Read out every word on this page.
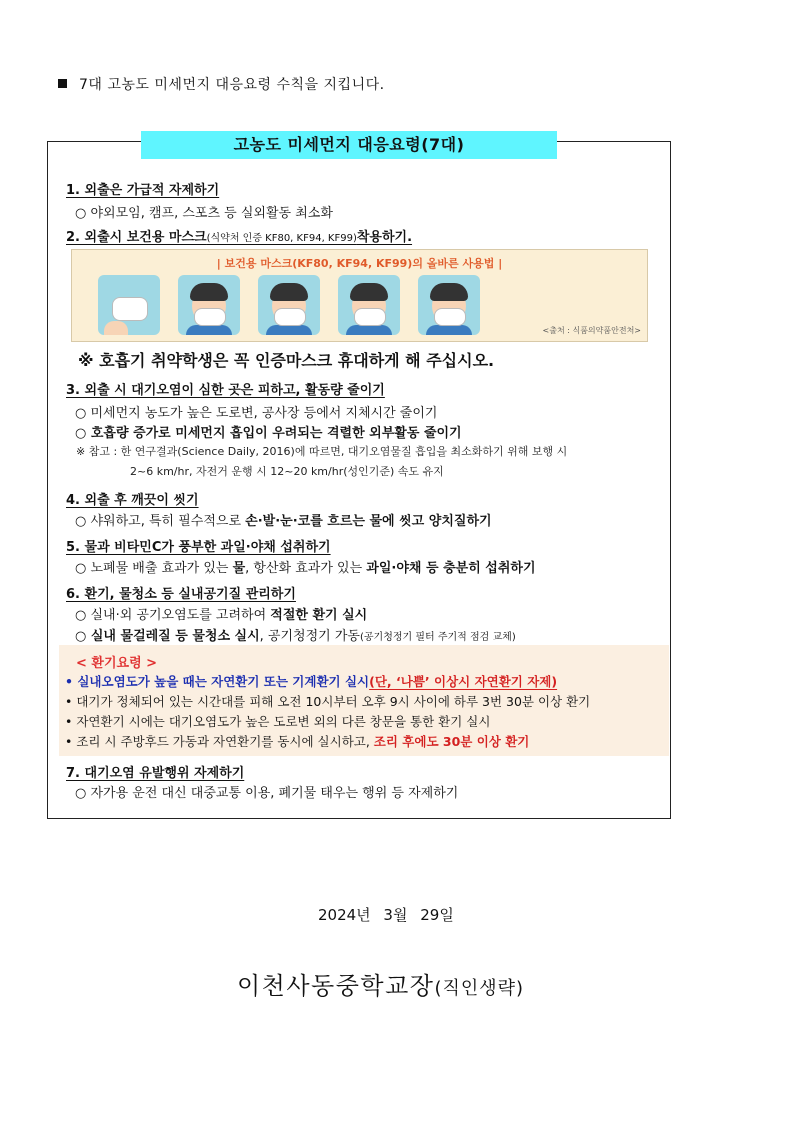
7대 고농도 미세먼지 대응요령 수칙을 지킵니다.
고농도 미세먼지 대응요령(7대)
1. 외출은 가급적 자제하기
○ 야외모임, 캠프, 스포츠 등 실외활동 최소화
2. 외출시 보건용 마스크(식약처 인증 KF80, KF94, KF99)착용하기.
| 보건용 마스크(KF80, KF94, KF99)의 올바른 사용법 |
<출처 : 식품의약품안전처>
※ 호흡기 취약학생은 꼭 인증마스크 휴대하게 해 주십시오.
3. 외출 시 대기오염이 심한 곳은 피하고, 활동량 줄이기
○ 미세먼지 농도가 높은 도로변, 공사장 등에서 지체시간 줄이기
○ 호흡량 증가로 미세먼지 흡입이 우려되는 격렬한 외부활동 줄이기
※ 참고 : 한 연구결과(Science Daily, 2016)에 따르면, 대기오염물질 흡입을 최소화하기 위해 보행 시
2~6 km/hr, 자전거 운행 시 12~20 km/hr(성인기준) 속도 유지
4. 외출 후 깨끗이 씻기
○ 샤워하고, 특히 필수적으로 손·발·눈·코를 흐르는 물에 씻고 양치질하기
5. 물과 비타민C가 풍부한 과일·야채 섭취하기
○ 노폐물 배출 효과가 있는 물, 항산화 효과가 있는 과일·야채 등 충분히 섭취하기
6. 환기, 물청소 등 실내공기질 관리하기
○ 실내·외 공기오염도를 고려하여 적절한 환기 실시
○ 실내 물걸레질 등 물청소 실시, 공기청정기 가동(공기청정기 필터 주기적 점검 교체)
< 환기요령 >
• 실내오염도가 높을 때는 자연환기 또는 기계환기 실시(단, ‘나쁨’ 이상시 자연환기 자제)
• 대기가 정체되어 있는 시간대를 피해 오전 10시부터 오후 9시 사이에 하루 3번 30분 이상 환기
• 자연환기 시에는 대기오염도가 높은 도로변 외의 다른 창문을 통한 환기 실시
• 조리 시 주방후드 가동과 자연환기를 동시에 실시하고, 조리 후에도 30분 이상 환기
7. 대기오염 유발행위 자제하기
○ 자가용 운전 대신 대중교통 이용, 폐기물 태우는 행위 등 자제하기
2024년 3월 29일
이천사동중학교장(직인생략)
